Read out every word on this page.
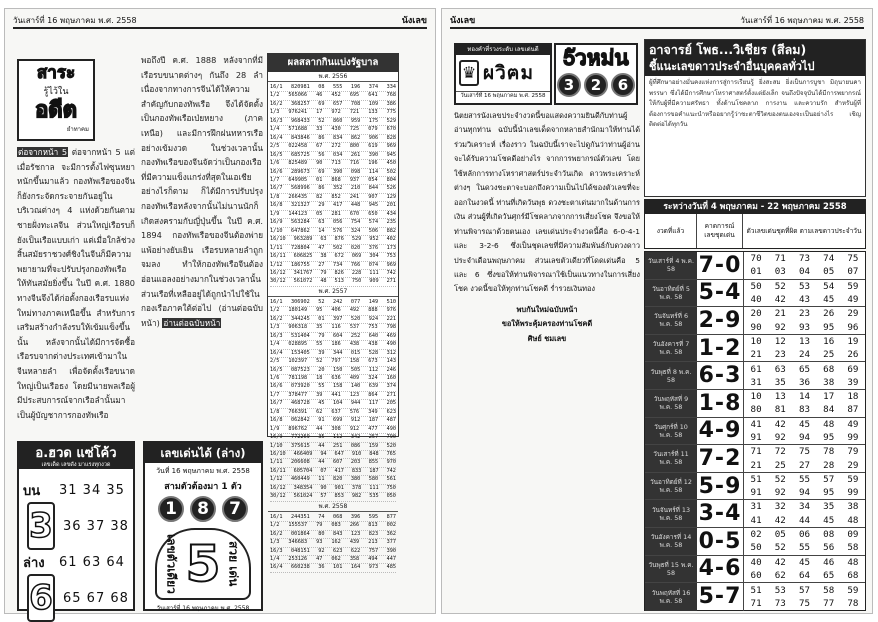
วันเสาร์ที่ 16 พฤษภาคม พ.ศ. 2558	นังเลข
สาระ
รู้ไว้ใน
อดีต
ยำทาคม
ต่อจากหน้า 5 ต่อจากหน้า 5 แต่เมื่อรัชกาล จะมีการตั้งไฟซุนหยาหนักขึ้นมาแล้ว กองทัพเรือของจีนก็ยังกระจัดกระจายกันอยู่ในบริเวณต่างๆ 4 แห่งด้วยกันตามชายฝั่งทะเลจีน ส่วนใหญ่เรือรบก็ยังเป็นเรือแบบเก่า แต่เมื่อใกล้ช่วงสิ้นสมัยราชวงศ์ชิงในจีนก็มีความพยายามที่จะปรับปรุงกองทัพเรือให้ทันสมัยยิ่งขึ้น ในปี ค.ศ. 1880 ทางจีนจึงได้ก่อตั้งกองเรือรบแห่งใหม่ทางภาคเหนือขึ้น สำหรับการเสริมสร้างกำลังรบให้เข้มแข็งขึ้นนั้น หลังจากนั้นได้มีการจัดซื้อเรือรบจากต่างประเทศเข้ามาในจีนหลายลำ เพื่อจัดตั้งเรือขนาดใหญ่เป็นเรือธง โดยมีนายพลเรือผู้มีประสบการณ์จากเรือลำนั้นมาเป็นผู้บัญชาการกองทัพเรือ
พอถึงปี ค.ศ. 1888 หลังจากที่มีเรือรบขนาดต่างๆ กันถึง 28 ลำ เนื่องจากทางการจีนได้ให้ความสำคัญกับกองทัพเรือ จึงได้จัดตั้งเป็นกองทัพเรือเป่ยหยาง (ภาคเหนือ) และมีการฝึกฝนทหารเรืออย่างเข้มงวด ในช่วงเวลานั้นกองทัพเรือของจีนจัดว่าเป็นกองเรือที่มีความแข็งแกร่งที่สุดในเอเชีย อย่างไรก็ตาม ก็ได้มีการปรับปรุงกองทัพเรือหลังจากนั้นไม่นานนักก็เกิดสงครามกับญี่ปุ่นขึ้น ในปี ค.ศ. 1894 กองทัพเรือของจีนต้องพ่ายแพ้อย่างยับเยิน เรือรบหลายลำถูกจมลง ทำให้กองทัพเรือจีนต้องอ่อนแอลงอย่างมากในช่วงเวลานั้น ส่วนเรือที่เหลืออยู่ได้ถูกนำไปใช้ในกองเรือภาคใต้ต่อไป (อ่านต่อฉบับหน้า) อ่านต่อฉบับหน้า
ผลสลากกินแบ่งรัฐบาล
พ.ศ. 2556
16/1 820981 08 555 196 374 334
1/2 565066 46 452 695 641 768
16/2 368257 69 657 708 109 386
1/3 976241 17 972 721 133 775
16/3 968433 52 860 959 175 529
1/4 571688 33 430 725 079 670
16/4 843846 86 834 862 906 828
2/5 022458 67 272 800 619 969
16/5 685725 56 034 261 390 945
1/6 825489 90 713 716 196 450
16/6 289673 69 390 098 114 502
1/7 649905 01 868 937 054 804
16/7 568996 86 352 210 844 526
1/8 266435 82 852 241 907 129
16/8 321327 29 417 448 945 201
1/9 144123 05 281 670 650 434
16/9 563284 63 056 754 574 235
1/10 647862 14 576 324 506 882
16/10 963289 63 876 529 952 402
1/11 728804 47 502 020 376 173
16/11 606825 38 672 069 304 753
1/12 186755 27 734 766 074 969
16/12 341767 79 826 228 111 742
30/12 561072 48 513 750 909 271
พ.ศ. 2557
16/1 306902 52 242 077 149 510
1/2 180149 95 406 492 888 976
16/2 344245 01 397 520 924 221
1/3 906318 35 116 537 753 798
16/3 531404 79 604 252 640 469
1/4 028895 55 186 438 438 490
16/4 153405 39 344 015 528 312
2/5 102397 52 797 158 673 143
16/5 087523 20 150 505 112 246
1/6 781198 18 636 409 324 160
16/6 073920 55 158 140 639 374
1/7 378477 39 441 123 864 271
16/7 468728 45 104 944 117 205
1/8 766391 62 637 576 349 623
16/8 062842 91 699 912 187 487
1/9 896762 44 308 912 477 490
16/9 772269 35 112 342 257 790
1/10 375615 44 251 086 159 520
16/10 466409 94 647 910 848 765
1/11 206608 44 607 203 855 970
16/11 605704 07 417 833 187 742
1/12 460449 11 820 380 580 561
16/12 348354 90 901 378 111 750
30/12 561024 57 853 982 535 050
พ.ศ. 2558
16/1 244351 74 068 396 595 877
1/2 155537 79 083 266 813 002
16/2 001864 80 843 123 823 362
1/3 346683 93 162 439 213 377
16/3 048151 92 623 622 757 390
1/4 253126 47 062 358 494 447
16/4 660238 36 101 164 973 485
อ.ฮวด แซ่โค้ว
เลขเด็ด เลขดัง มาแรงทุกงวด
บน	31 34 35
3 36 37 38
ล่าง	61 63 64
6 65 67 68
เลขเด่นได้ (ล่าง)
วันที่ 16 พฤษภาคม พ.ศ. 2558
สามตัวต้องมา 1 ตัว
1	8	7
เลขตัวเดียว 5 สวย เด่น
วันเสาร์ที่ 16 พฤษภาคม พ.ศ. 2558
นังเลข	วันเสาร์ที่ 16 พฤษภาคม พ.ศ. 2558
ทองคำที่รวงระดับ เลขเด่นดี
♛ ผวิฅม
วันเสาร์ที่ 16 พฤษภาคม พ.ศ. 2558
5ัวหม่น
3	2	6
อาจารย์ โพธ...วิเชียร (สีลม)
ชี้แนะเลขดาวประจำอื่นบุคคลทั่วไป
ผู้ที่ศึกษาอย่างมั่นคงแห่งการสู่การเรียนรู้ ยิ่งสะสม ยิ่งเป็นการบูชา มิถุนายนคาพรรษา ซึ่งได้มีการศึกษาโหราศาสตร์ตั้งแต่ยังเล็ก จนถึงปัจจุบันได้มีการพยากรณ์ให้กับผู้ที่มีความศรัทธา ทั้งด้านโชคลาภ การงาน และความรัก สำหรับผู้ที่ต้องการขอคำแนะนำหรืออยากรู้ว่าชะตาชีวิตของตนเองจะเป็นอย่างไร เชิญติดต่อได้ทุกวัน
นิตยสารนังเลขประจำงวดนี้ขอแสดงความยินดีกับท่านผู้อ่านทุกท่าน ฉบับนี้นำเลขเด็ดจากหลายสำนักมาให้ท่านได้ร่วมวิเคราะห์ เรื่องราว ในฉบับนี้เราจะไปดูกันว่าท่านผู้อ่านจะได้รับความโชคดีอย่างไร จากการพยากรณ์ตัวเลข โดยใช้หลักการทางโหราศาสตร์ประจำวันเกิด ดาวพระเคราะห์ต่างๆ ในดวงชะตาจะบอกถึงความเป็นไปได้ของตัวเลขที่จะออกในงวดนี้ ท่านที่เกิดวันพุธ ดวงชะตาเด่นมากในด้านการเงิน ส่วนผู้ที่เกิดวันศุกร์มีโชคลาภจากการเสี่ยงโชค จึงขอให้ท่านพิจารณาด้วยตนเอง เลขเด่นประจำงวดนี้คือ 6-0-4-1 และ 3-2-6 ซึ่งเป็นชุดเลขที่มีความสัมพันธ์กับดวงดาวประจำเดือนพฤษภาคม ส่วนเลขตัวเดียวที่โดดเด่นคือ 5 และ 6 ซึ่งขอให้ท่านพิจารณาใช้เป็นแนวทางในการเสี่ยงโชค งวดนี้ขอให้ทุกท่านโชคดี ร่ำรวยเงินทอง
พบกันใหม่ฉบับหน้า
ขอให้พระคุ้มครองท่านโชคดี
ศิษย์ ชมเลข
ระหว่างวันที่ 4 พฤษภาคม - 22 พฤษภาคม 2558
งวดที่แล้ว
คาดการณ์ เลขชุดเด่น
ตัวเลขเด่นชุดที่ผิด ตามเลขดาวประจำวัน
วันเสาร์ที่ 4 พ.ค. 58	7-0 70	71	73	74	75
01	03	04	05	07
วันอาทิตย์ที่ 5 พ.ค. 58 5-4 50	52	53	54	59
40	42	43	45	49
วันจันทร์ที่ 6 พ.ค. 58 2-9 20	21	23	26	29
90	92	93	95	96
วันอังคารที่ 7 พ.ค. 58 1-2 10	12	13	16	19
21	23	24	25	26
วันพุธที่ 8 พ.ค. 58	6-3 61	63	65	68	69
31	35	36	38	39
วันพฤหัสที่ 9 พ.ค. 58 1-8 10	13	14	17	18
80	81	83	84	87
วันศุกร์ที่ 10 พ.ค. 58 4-9 41	42	45	48	49
91	92	94	95	99
วันเสาร์ที่ 11 พ.ค. 58 7-2 71	72	75	78	79
21	25	27	28	29
วันอาทิตย์ที่ 12 พ.ค. 58 5-9 51	52	55	57	59
91	92	94	95	99
วันจันทร์ที่ 13 พ.ค. 58 3-4 31	32	34	35	38
41	42	44	45	48
วันอังคารที่ 14 พ.ค. 58 0-5 02	05	06	08	09
50	52	55	56	58
วันพุธที่ 15 พ.ค. 58	4-6 40	42	45	46	48
60	62	64	65	68
วันพฤหัสที่ 16 พ.ค. 58 5-7 51	53	57	58	59
71	73	75	77	78
